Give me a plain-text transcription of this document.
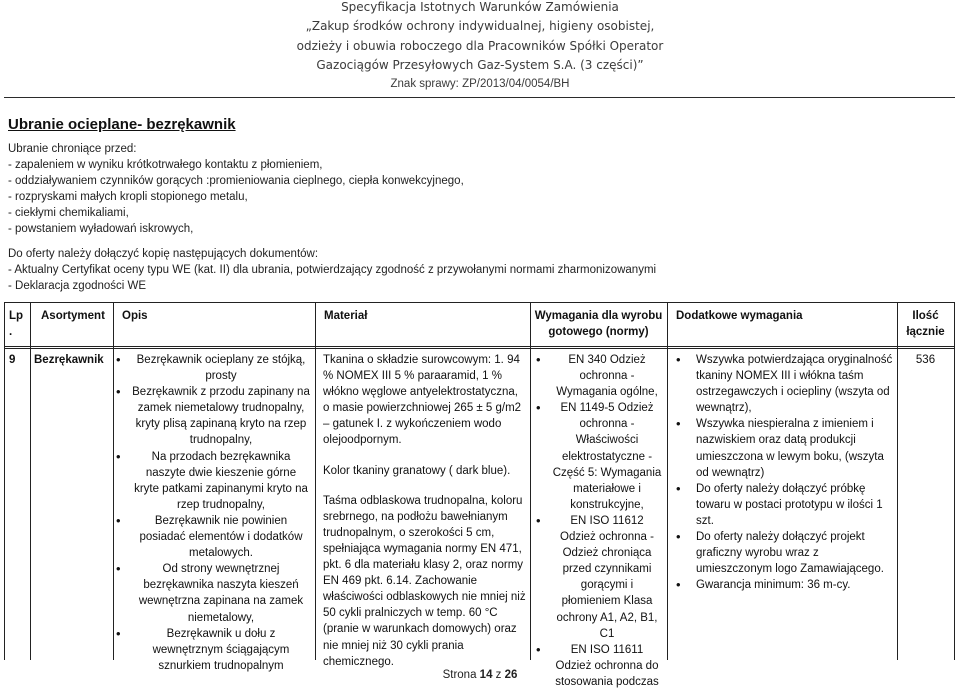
Specyfikacja Istotnych Warunków Zamówienia
„Zakup środków ochrony indywidualnej, higieny osobistej,
odzieży i obuwia roboczego dla Pracowników Spółki Operator
Gazociągów Przesyłowych Gaz-System S.A. (3 części)”
Znak sprawy: ZP/2013/04/0054/BH
Ubranie ocieplane- bezrękawnik
Ubranie chroniące przed:
- zapaleniem w wyniku krótkotrwałego kontaktu z płomieniem,
- oddziaływaniem czynników gorących :promieniowania cieplnego, ciepła konwekcyjnego,
- rozpryskami małych kropli stopionego metalu,
- ciekłymi chemikaliami,
- powstaniem wyładowań iskrowych,
Do oferty należy dołączyć kopię następujących dokumentów:
- Aktualny Certyfikat oceny typu WE (kat. II) dla ubrania, potwierdzający zgodność z przywołanymi normami zharmonizowanymi
- Deklaracja zgodności WE
Lp
.
Asortyment Opis	Materiał	Wymagania dla wyrobu
gotowego (normy)
Dodatkowe wymagania	Ilość
łącznie
9 Bezrękawnik
•	Bezrękawnik ocieplany ze stójką, prosty
• Bezrękawnik z przodu zapinany na zamek niemetalowy trudnopalny, kryty plisą zapinaną kryto na rzep trudnopalny,
• Na przodach bezrękawnika naszyte dwie kieszenie górne kryte patkami zapinanymi kryto na rzep trudnopalny,
• Bezrękawnik nie powinien posiadać elementów i dodatków metalowych.
• Od strony wewnętrznej bezrękawnika naszyta kieszeń wewnętrzna zapinana na zamek niemetalowy,
• Bezrękawnik u dołu z wewnętrznym ściągającym sznurkiem trudnopalnym
Tkanina o składzie surowcowym: 1. 94 % NOMEX III 5 % paraaramid, 1 % włókno węglowe antyelektrostatyczna, o masie powierzchniowej 265 ± 5 g/m2 – gatunek I. z wykończeniem wodo olejoodpornym.
Kolor tkaniny granatowy ( dark blue).
Taśma odblaskowa trudnopalna, koloru srebrnego, na podłożu bawełnianym trudnopalnym, o szerokości 5 cm, spełniająca wymagania normy EN 471, pkt. 6 dla materiału klasy 2, oraz normy EN 469 pkt. 6.14. Zachowanie właściwości odblaskowych nie mniej niż 50 cykli pralniczych w temp. 60 °C (pranie w warunkach domowych) oraz nie mniej niż 30 cykli prania chemicznego.
• EN 340 Odzież ochronna - Wymagania ogólne,
• EN 1149-5 Odzież ochronna - Właściwości elektrostatyczne - Część 5: Wymagania materiałowe i konstrukcyjne,
• EN ISO 11612 Odzież ochronna - Odzież chroniąca przed czynnikami gorącymi i płomieniem Klasa ochrony A1, A2, B1, C1
• EN ISO 11611 Odzież ochronna do stosowania podczas
• Wszywka potwierdzająca oryginalność tkaniny NOMEX III i włókna taśm ostrzegawczych i ociepliny (wszyta od wewnątrz),
• Wszywka niespieralna z imieniem i nazwiskiem oraz datą produkcji umieszczona w lewym boku, (wszyta od wewnątrz)
• Do oferty należy dołączyć próbkę towaru w postaci prototypu w ilości 1 szt.
• Do oferty należy dołączyć projekt graficzny wyrobu wraz z umieszczonym logo Zamawiającego.
• Gwarancja minimum: 36 m-cy.
536
Strona 14 z 26
